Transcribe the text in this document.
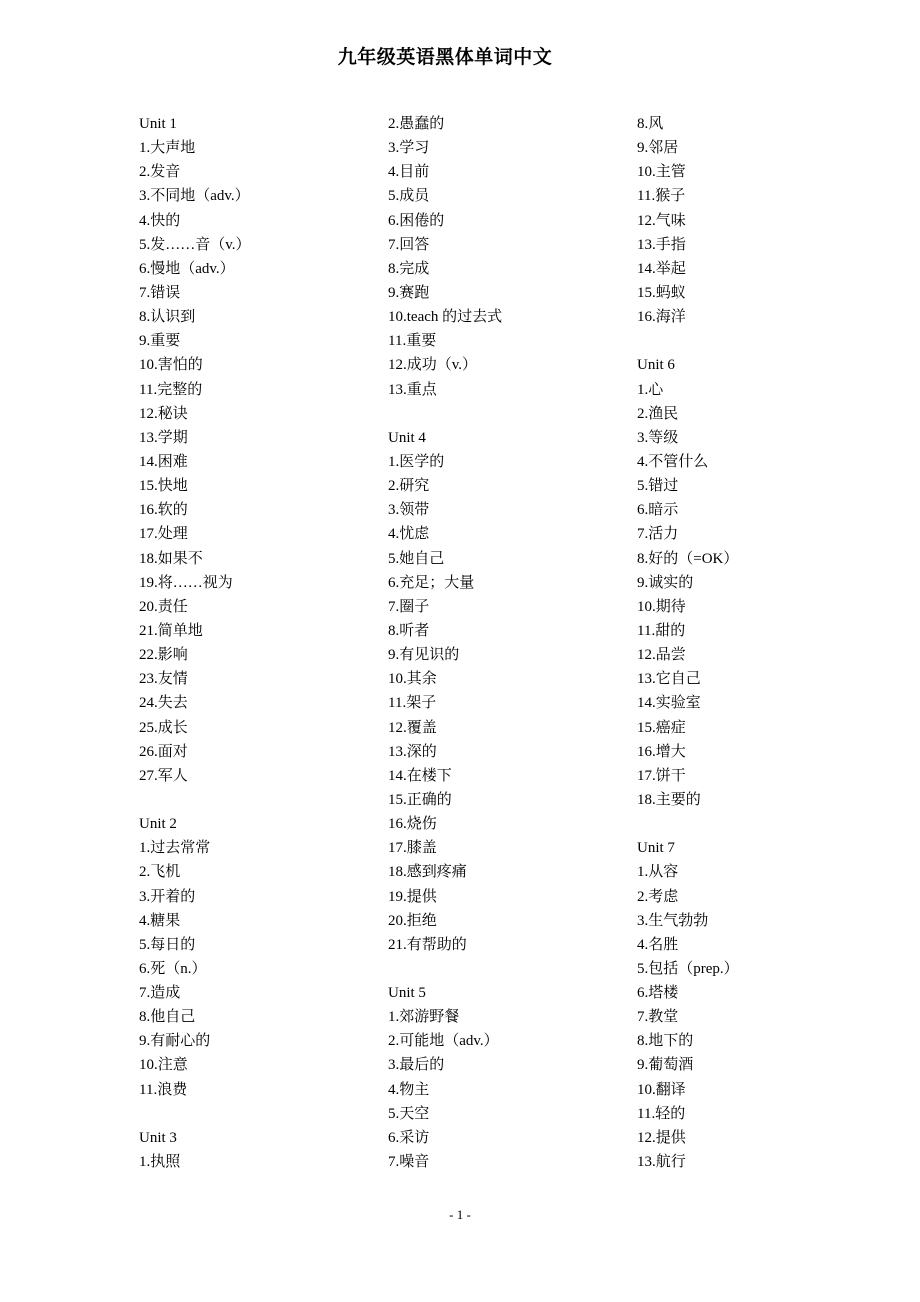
九年级英语黑体单词中文
Unit 1
1.大声地
2.发音
3.不同地（adv.）
4.快的
5.发……音（v.）
6.慢地（adv.）
7.错误
8.认识到
9.重要
10.害怕的
11.完整的
12.秘诀
13.学期
14.困难
15.快地
16.软的
17.处理
18.如果不
19.将……视为
20.责任
21.简单地
22.影响
23.友情
24.失去
25.成长
26.面对
27.军人
Unit 2
1.过去常常
2.飞机
3.开着的
4.糖果
5.每日的
6.死（n.）
7.造成
8.他自己
9.有耐心的
10.注意
11.浪费
Unit 3
1.执照
2.愚蠢的
3.学习
4.目前
5.成员
6.困倦的
7.回答
8.完成
9.赛跑
10.teach 的过去式
11.重要
12.成功（v.）
13.重点
Unit 4
1.医学的
2.研究
3.领带
4.忧虑
5.她自己
6.充足；大量
7.圈子
8.听者
9.有见识的
10.其余
11.架子
12.覆盖
13.深的
14.在楼下
15.正确的
16.烧伤
17.膝盖
18.感到疼痛
19.提供
20.拒绝
21.有帮助的
Unit 5
1.郊游野餐
2.可能地（adv.）
3.最后的
4.物主
5.天空
6.采访
7.噪音
8.风
9.邻居
10.主管
11.猴子
12.气味
13.手指
14.举起
15.蚂蚁
16.海洋
Unit 6
1.心
2.渔民
3.等级
4.不管什么
5.错过
6.暗示
7.活力
8.好的（=OK）
9.诚实的
10.期待
11.甜的
12.品尝
13.它自己
14.实验室
15.癌症
16.增大
17.饼干
18.主要的
Unit 7
1.从容
2.考虑
3.生气勃勃
4.名胜
5.包括（prep.）
6.塔楼
7.教堂
8.地下的
9.葡萄酒
10.翻译
11.轻的
12.提供
13.航行
- 1 -
